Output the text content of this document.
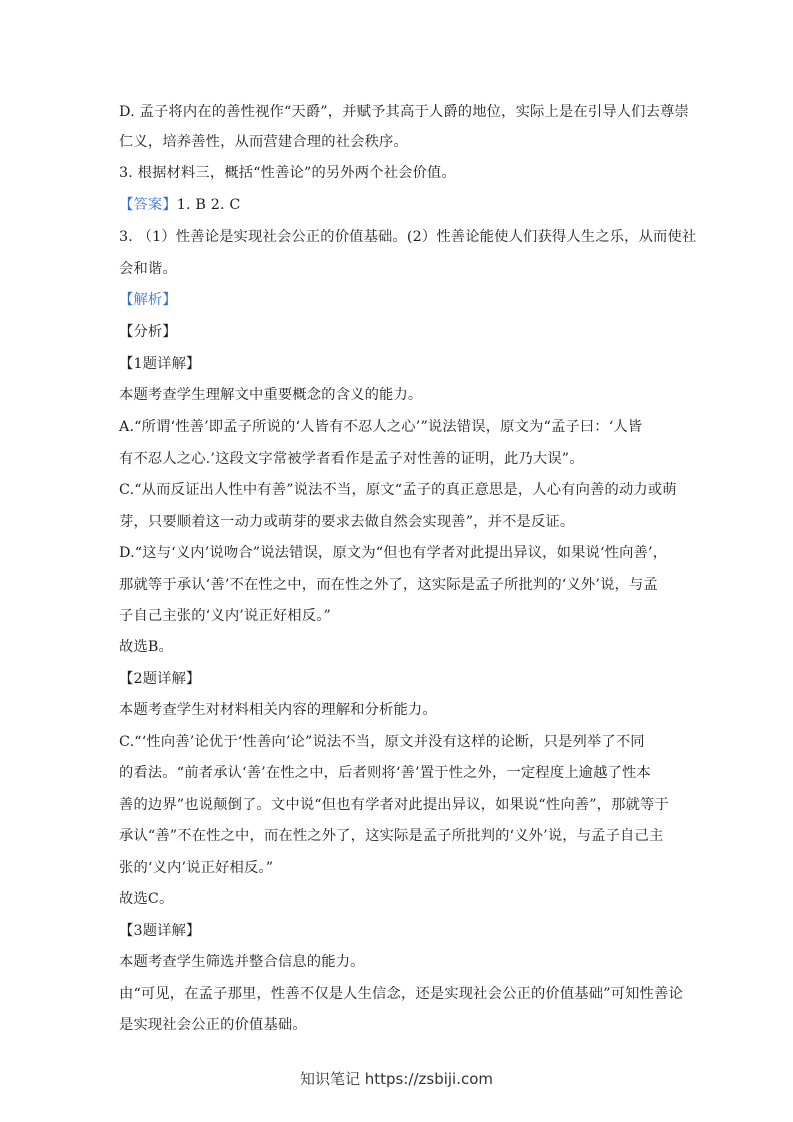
D. 孟子将内在的善性视作“天爵”，并赋予其高于人爵的地位，实际上是在引导人们去尊崇
仁义，培养善性，从而营建合理的社会秩序。
3. 根据材料三，概括“性善论”的另外两个社会价值。
【答案】1. B 2. C
3. （1）性善论是实现社会公正的价值基础。(2）性善论能使人们获得人生之乐，从而使社
会和谐。
【解析】
【分析】
【1题详解】
本题考查学生理解文中重要概念的含义的能力。
A.“所谓‘性善’即孟子所说的‘人皆有不忍人之心’”说法错误，原文为“孟子曰：‘人皆
有不忍人之心.’这段文字常被学者看作是孟子对性善的证明，此乃大误”。
C.“从而反证出人性中有善”说法不当，原文“孟子的真正意思是，人心有向善的动力或萌
芽，只要顺着这一动力或萌芽的要求去做自然会实现善”，并不是反证。
D.“这与‘义内’说吻合”说法错误，原文为“但也有学者对此提出异议，如果说‘性向善’，
那就等于承认‘善’不在性之中，而在性之外了，这实际是孟子所批判的‘义外’说，与孟
子自己主张的‘义内’说正好相反。”
故选B。
【2题详解】
本题考查学生对材料相关内容的理解和分析能力。
C.“‘性向善’论优于‘性善向’论”说法不当，原文并没有这样的论断，只是列举了不同
的看法。“前者承认‘善’在性之中，后者则将‘善’置于性之外，一定程度上逾越了性本
善的边界”也说颠倒了。文中说“但也有学者对此提出异议，如果说“性向善”，那就等于
承认“善”不在性之中，而在性之外了，这实际是孟子所批判的‘义外’说，与孟子自己主
张的‘义内’说正好相反。”
故选C。
【3题详解】
本题考查学生筛选并整合信息的能力。
由“可见，在孟子那里，性善不仅是人生信念，还是实现社会公正的价值基础”可知性善论
是实现社会公正的价值基础。
知识笔记 https://zsbiji.com
